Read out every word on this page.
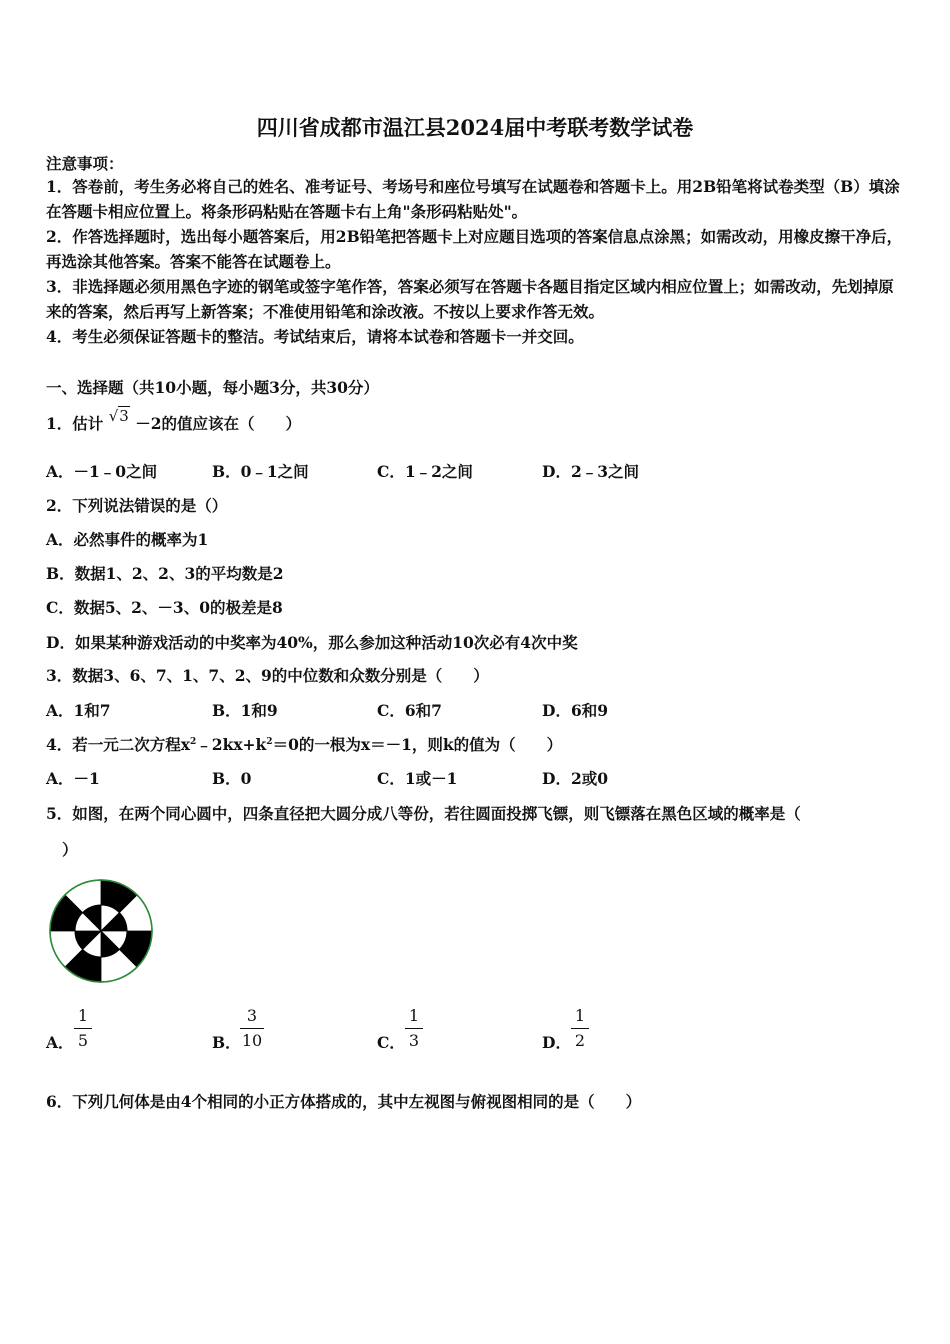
四川省成都市温江县2024届中考联考数学试卷
注意事项：
1．答卷前，考生务必将自己的姓名、准考证号、考场号和座位号填写在试题卷和答题卡上。用2B铅笔将试卷类型（B）填涂在答题卡相应位置上。将条形码粘贴在答题卡右上角"条形码粘贴处"。
2．作答选择题时，选出每小题答案后，用2B铅笔把答题卡上对应题目选项的答案信息点涂黑；如需改动，用橡皮擦干净后，再选涂其他答案。答案不能答在试题卷上。
3．非选择题必须用黑色字迹的钢笔或签字笔作答，答案必须写在答题卡各题目指定区域内相应位置上；如需改动，先划掉原来的答案，然后再写上新答案；不准使用铅笔和涂改液。不按以上要求作答无效。
4．考生必须保证答题卡的整洁。考试结束后，请将本试卷和答题卡一并交回。
一、选择题（共10小题，每小题3分，共30分）
1．估计 √3 －2的值应该在（　　）
A．－1﹣0之间	B．0﹣1之间	C．1﹣2之间	D．2﹣3之间
2．下列说法错误的是（）
A．必然事件的概率为1
B．数据1、2、2、3的平均数是2
C．数据5、2、－3、0的极差是8
D．如果某种游戏活动的中奖率为40%，那么参加这种活动10次必有4次中奖
3．数据3、6、7、1、7、2、9的中位数和众数分别是（　　）
A．1和7	B．1和9	C．6和7	D．6和9
4．若一元二次方程$x^2﹣2kx+k^2=0$的一根为x＝－1，则k的值为（　　）
A．－1	B．0	C．1或－1	D．2或0
5．如图，在两个同心圆中，四条直径把大圆分成八等份，若往圆面投掷飞镖，则飞镖落在黑色区域的概率是（
）
A．
1
5	B．
3
10	C．
1
3	D．
1
2
6．下列几何体是由4个相同的小正方体搭成的，其中左视图与俯视图相同的是（　　）
